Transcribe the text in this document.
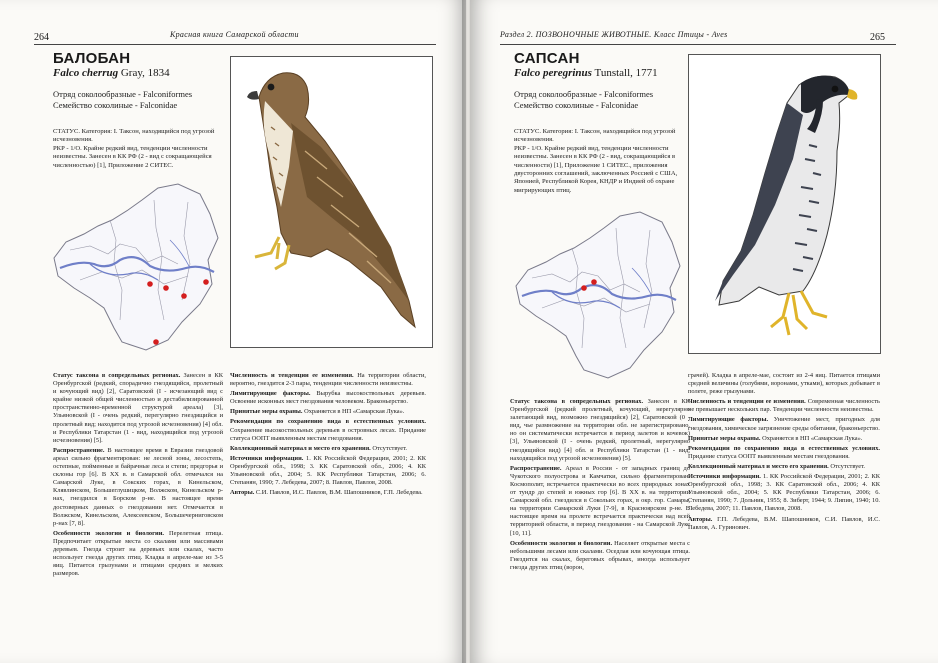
264	Красная книга Самарской области
БАЛОБАН
Falco cherrug Gray, 1834
Отряд соколообразные - Falconiformes
Семейство соколиные - Falconidae
СТАТУС. Категория: I. Таксон, находящийся под угрозой исчезновения.
РКР - 1/O. Крайне редкий вид, тенденции численности неизвестны. Занесен в КК РФ (2 - вид с сокращающейся численностью) [1], Приложение 2 СИТЕС.

Статус таксона в сопредельных регионах. Занесен в КК Оренбургской (редкий, спорадично гнездящийся, пролетный и кочующий вид) [2], Саратовской (I - исчезающий вид с крайне низкой общей численностью и дестабилизированной пространственно-временной структурой ареала) [3], Ульяновской (I - очень редкий, перегулярно гнездящийся и пролетный вид; находится под угрозой исчезновения) [4] обл. и Республики Татарстан (1 - вид, находящийся под угрозой исчезновения) [5].

Распространение. В настоящее время в Евразии гнездовой ареал сильно фрагментирован: не лесной зоны, лесостепь, остепные, пойменные и байрачные леса и степи; предгорья и склоны гор [6]. В XX в. в Самарской обл. отмечался на Самарской Луке, в Сокских горах, в Кинельском, Клявлинском, Большеглушицком, Волжском, Кинельском р-нах, гнездился в Борском р-не. В настоящее время достоверных данных о гнездовании нет. Отмечается в Волжском, Кинельском, Алексеевском, Большечерниговском р-нах [7, 8].

Особенности экологии и биологии. Перелетная птица. Предпочитает открытые места со скалами или массивами деревьев. Гнезда строит на деревьях или скалах, часто использует гнезда других птиц. Кладка в апреле-мае из 3-5 яиц. Питается грызунами и птицами средних и мелких размеров.

Численность и тенденции ее изменения. На территории области, вероятно, гнездится 2-3 пары, тенденции численности неизвестны.

Лимитирующие факторы. Вырубка высокоствольных деревьев. Освоение исконных мест гнездования человеком. Браконьерство.

Принятые меры охраны. Охраняется в НП «Самарская Лука».

Рекомендации по сохранению вида в естественных условиях. Сохранение высокоствольных деревьев в островных лесах. Придание статуса ООПТ выявленным местам гнездования.

Коллекционный материал и место его хранения. Отсутствует.

Источники информации. 1. КК Российской Федерации, 2001; 2. КК Оренбургской обл., 1998; 3. КК Саратовской обл., 2006; 4. КК Ульяновской обл., 2004; 5. КК Республики Татарстан, 2006; 6. Степанян, 1990; 7. Лебедева, 2007; 8. Павлов, Павлов, 2008.

Авторы. С.И. Павлов, И.С. Павлов, В.М. Шапошников, Г.П. Лебедева.

Раздел 2. ПОЗВОНОЧНЫЕ ЖИВОТНЫЕ. Класс Птицы - Aves	265
САПСАН
Falco peregrinus Tunstall, 1771
Отряд соколообразные - Falconiformes
Семейство соколиные - Falconidae
СТАТУС. Категория: I. Таксон, находящийся под угрозой исчезновения.
РКР - 1/O. Крайне редкий вид, тенденции численности неизвестны. Занесен в КК РФ (2 - вид, сокращающийся в численности) [1], Приложение 1 СИТЕС., приложения двусторонних соглашений, заключенных Россией с США, Японией, Республикой Корея, КНДР и Индией об охране мигрирующих птиц.

Статус таксона в сопредельных регионах. Занесен в КК Оренбургской (редкий пролетный, кочующий, нерегулярно залетающий вид, возможно гнездящийся) [2], Саратовской (0 - вид, чье размножение на территории обл. не зарегистрировано, но он систематически встречается в период залетов и кочевок) [3], Ульяновской (I - очень редкий, пролетный, нерегулярно гнездящийся вид) [4] обл. и Республики Татарстан (1 - вид, находящийся под угрозой исчезновения) [5].

Распространение. Ареал в России - от западных границ до Чукотского полуострова и Камчатки, сильно фрагментирован. Космополит, встречается практически во всех природных зонах от тундр до степей и южных гор [6]. В XX в. на территории Самарской обл. гнездился в Сокольих горах, в окр. гор. Самары, на территории Самарской Луки [7-9], в Красноярском р-не. В настоящее время на пролете встречается практически над всей территорией области, в период гнездования - на Самарской Луке [10, 11].

Особенности экологии и биологии. Населяет открытые места с небольшими лесами или скалами. Оседлая или кочующая птица. Гнездится на скалах, береговых обрывах, иногда использует гнезда других птиц (ворон,

грачей). Кладка в апреле-мае, состоит из 2-4 яиц. Питается птицами средней величины (голубями, воронами, утками), которых добывает в полете, реже грызунами.

Численность и тенденции ее изменения. Современная численность не превышает нескольких пар. Тенденции численности неизвестны.

Лимитирующие факторы. Уничтожение мест, пригодных для гнездования, химическое загрязнение среды обитания, браконьерство.

Принятые меры охраны. Охраняется в НП «Самарская Лука».

Рекомендации по сохранению вида в естественных условиях. Придание статуса ООПТ выявленным местам гнездования.

Коллекционный материал и место его хранения. Отсутствует.

Источники информации. 1. КК Российской Федерации, 2001; 2. КК Оренбургской обл., 1998; 3. КК Саратовской обл., 2006; 4. КК Ульяновской обл., 2004; 5. КК Республики Татарстан, 2006; 6. Степанян, 1990; 7. Дольник, 1955; 8. Зиберт, 1944; 9. Липин, 1940; 10. Лебедева, 2007; 11. Павлов, Павлов, 2008.

Авторы. Г.П. Лебедева, В.М. Шапошников, С.И. Павлов, И.С. Павлов, А. Гуринович.
